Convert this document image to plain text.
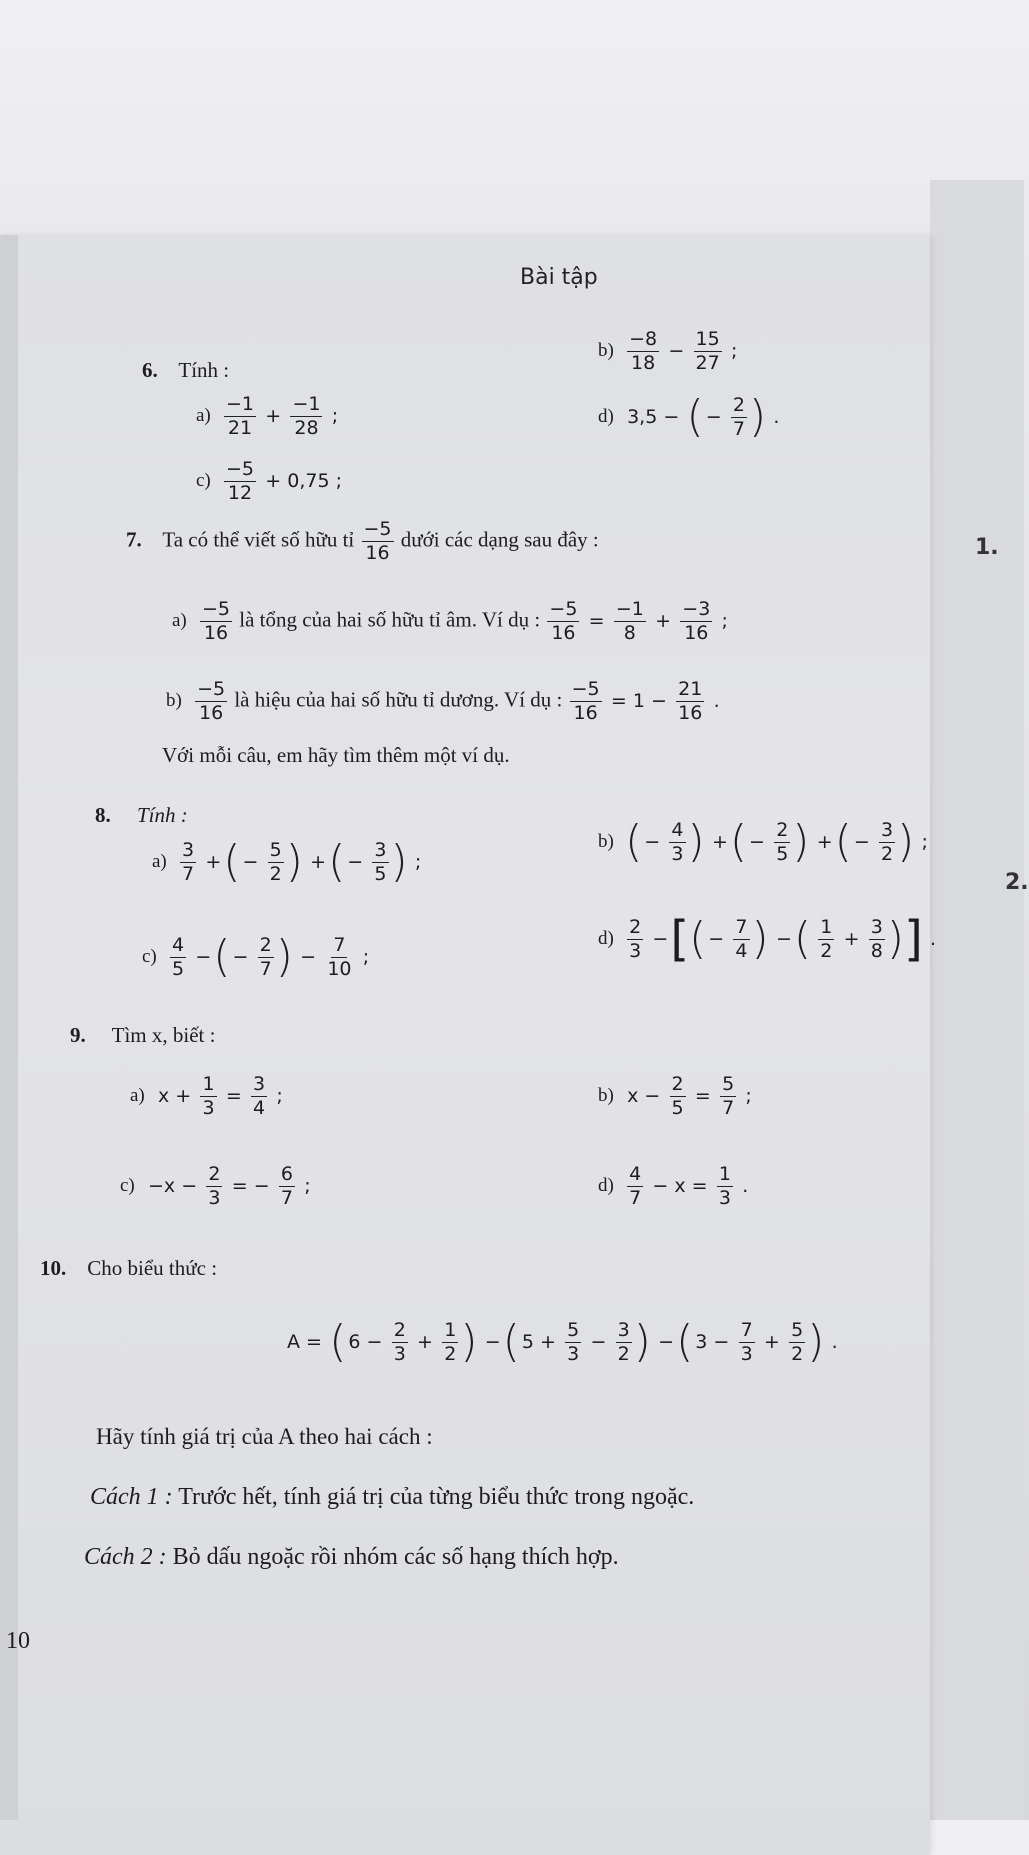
1.
2.
Bài tập
6. Tính :
$a) \frac{-1}{21} + \frac{-1}{28}$ ;
$b) \frac{-8}{18} - \frac{15}{27}$ ;
$c) \frac{-5}{12} + 0,75$ ;
d) 3,5 − ( − $\frac{2}{7}$ ) .
7. Ta có thể viết số hữu tỉ $\frac{-5}{16}$ dưới các dạng sau đây :
$a) \frac{-5}{16}$ là tổng của hai số hữu tỉ âm. Ví dụ : $\frac{-5}{16} = \frac{-1}{8} + \frac{-3}{16}$ ;
$b) \frac{-5}{16}$ là hiệu của hai số hữu tỉ dương. Ví dụ : $\frac{-5}{16} = 1 - \frac{21}{16}$ .
Với mỗi câu, em hãy tìm thêm một ví dụ.
8. Tính :
$a) \frac{3}{7}$ +( − $\frac{5}{2}$ ) +( − $\frac{3}{5}$ ) ;
b) ( − $\frac{4}{3}$ ) +( − $\frac{2}{5}$ ) +( − $\frac{3}{2}$ ) ;
$c) \frac{4}{5}$ −( − $\frac{2}{7}$ ) − $\frac{7}{10}$ ;
$d) \frac{2}{3}$ −[( − $\frac{7}{4}$ ) −( $\frac{1}{2} + \frac{3}{8}$ )] .
9. Tìm x, biết :
a) $x + \frac{1}{3} = \frac{3}{4}$ ;	b) $x - \frac{2}{5} = \frac{5}{7}$ ;
$c) -x - \frac{2}{3}$ = − $\frac{6}{7}$ ;	$d) \frac{4}{7} - x = \frac{1}{3}$ .
10. Cho biểu thức :
A = ( $6 - \frac{2}{3} + \frac{1}{2}$ ) −( $5 + \frac{5}{3} - \frac{3}{2}$ ) −( $3 - \frac{7}{3} + \frac{5}{2}$ ) .
Hãy tính giá trị của A theo hai cách :
Cách 1 : Trước hết, tính giá trị của từng biểu thức trong ngoặc.
Cách 2 : Bỏ dấu ngoặc rồi nhóm các số hạng thích hợp.
10
